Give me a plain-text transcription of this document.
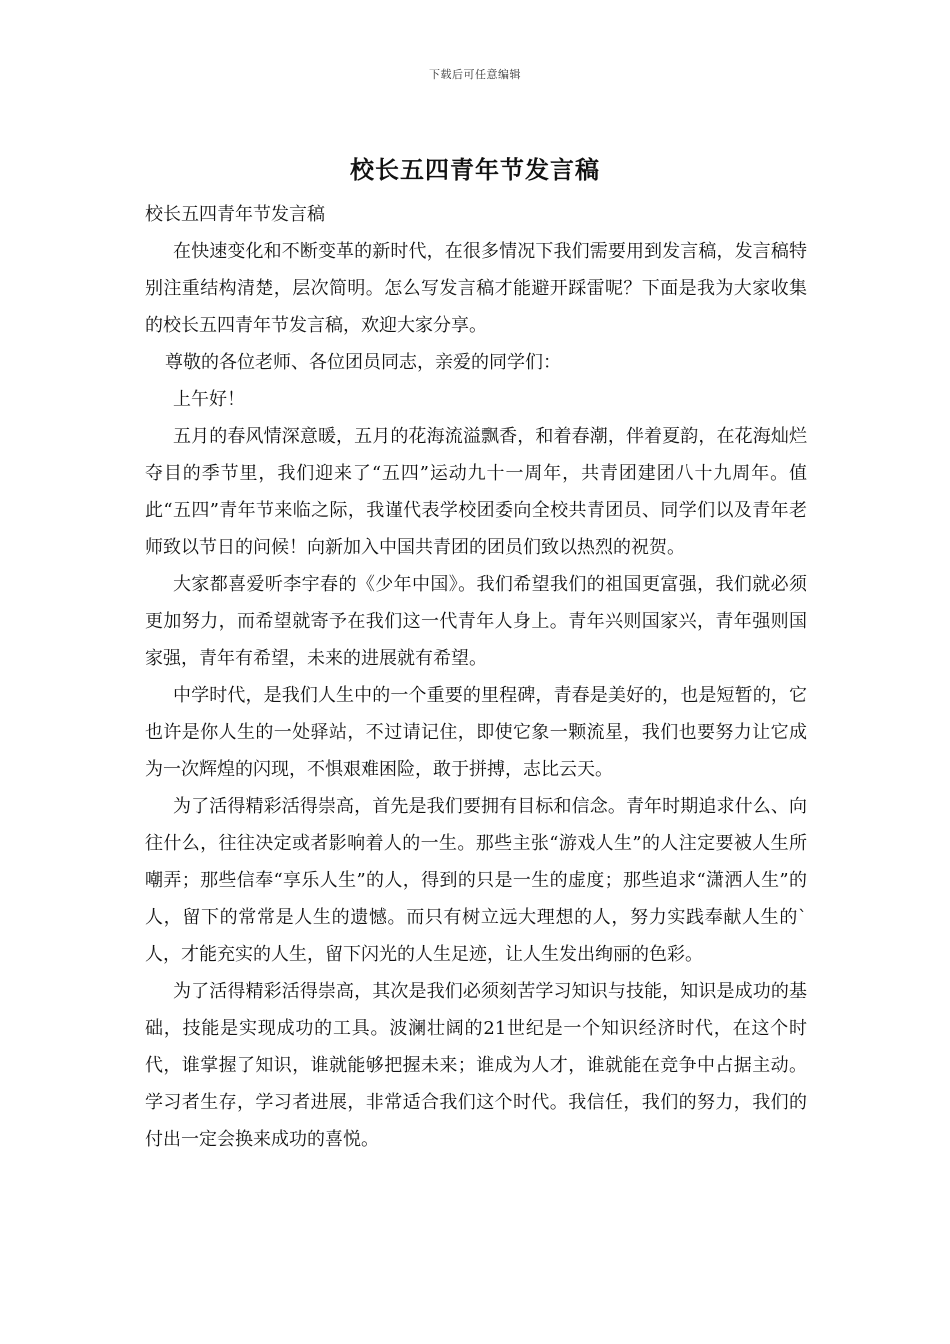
下载后可任意编辑
校长五四青年节发言稿

校长五四青年节发言稿

在快速变化和不断变革的新时代，在很多情况下我们需要用到发言稿，发言稿特别注重结构清楚，层次简明。怎么写发言稿才能避开踩雷呢？下面是我为大家收集的校长五四青年节发言稿，欢迎大家分享。

尊敬的各位老师、各位团员同志，亲爱的同学们：

上午好！

五月的春风情深意暖，五月的花海流溢飘香，和着春潮，伴着夏韵，在花海灿烂夺目的季节里，我们迎来了“五四”运动九十一周年，共青团建团八十九周年。值此“五四”青年节来临之际，我谨代表学校团委向全校共青团员、同学们以及青年老师致以节日的问候！向新加入中国共青团的团员们致以热烈的祝贺。

大家都喜爱听李宇春的《少年中国》。我们希望我们的祖国更富强，我们就必须更加努力，而希望就寄予在我们这一代青年人身上。青年兴则国家兴，青年强则国家强，青年有希望，未来的进展就有希望。

中学时代，是我们人生中的一个重要的里程碑，青春是美好的，也是短暂的，它也许是你人生的一处驿站，不过请记住，即使它象一颗流星，我们也要努力让它成为一次辉煌的闪现，不惧艰难困险，敢于拼搏，志比云天。

为了活得精彩活得崇高，首先是我们要拥有目标和信念。青年时期追求什么、向往什么，往往决定或者影响着人的一生。那些主张“游戏人生”的人注定要被人生所嘲弄；那些信奉“享乐人生”的人，得到的只是一生的虚度；那些追求“潇洒人生”的人，留下的常常是人生的遗憾。而只有树立远大理想的人，努力实践奉献人生的`人，才能充实的人生，留下闪光的人生足迹，让人生发出绚丽的色彩。

为了活得精彩活得崇高，其次是我们必须刻苦学习知识与技能，知识是成功的基础，技能是实现成功的工具。波澜壮阔的21世纪是一个知识经济时代，在这个时代，谁掌握了知识，谁就能够把握未来；谁成为人才，谁就能在竞争中占据主动。学习者生存，学习者进展，非常适合我们这个时代。我信任，我们的努力，我们的付出一定会换来成功的喜悦。
